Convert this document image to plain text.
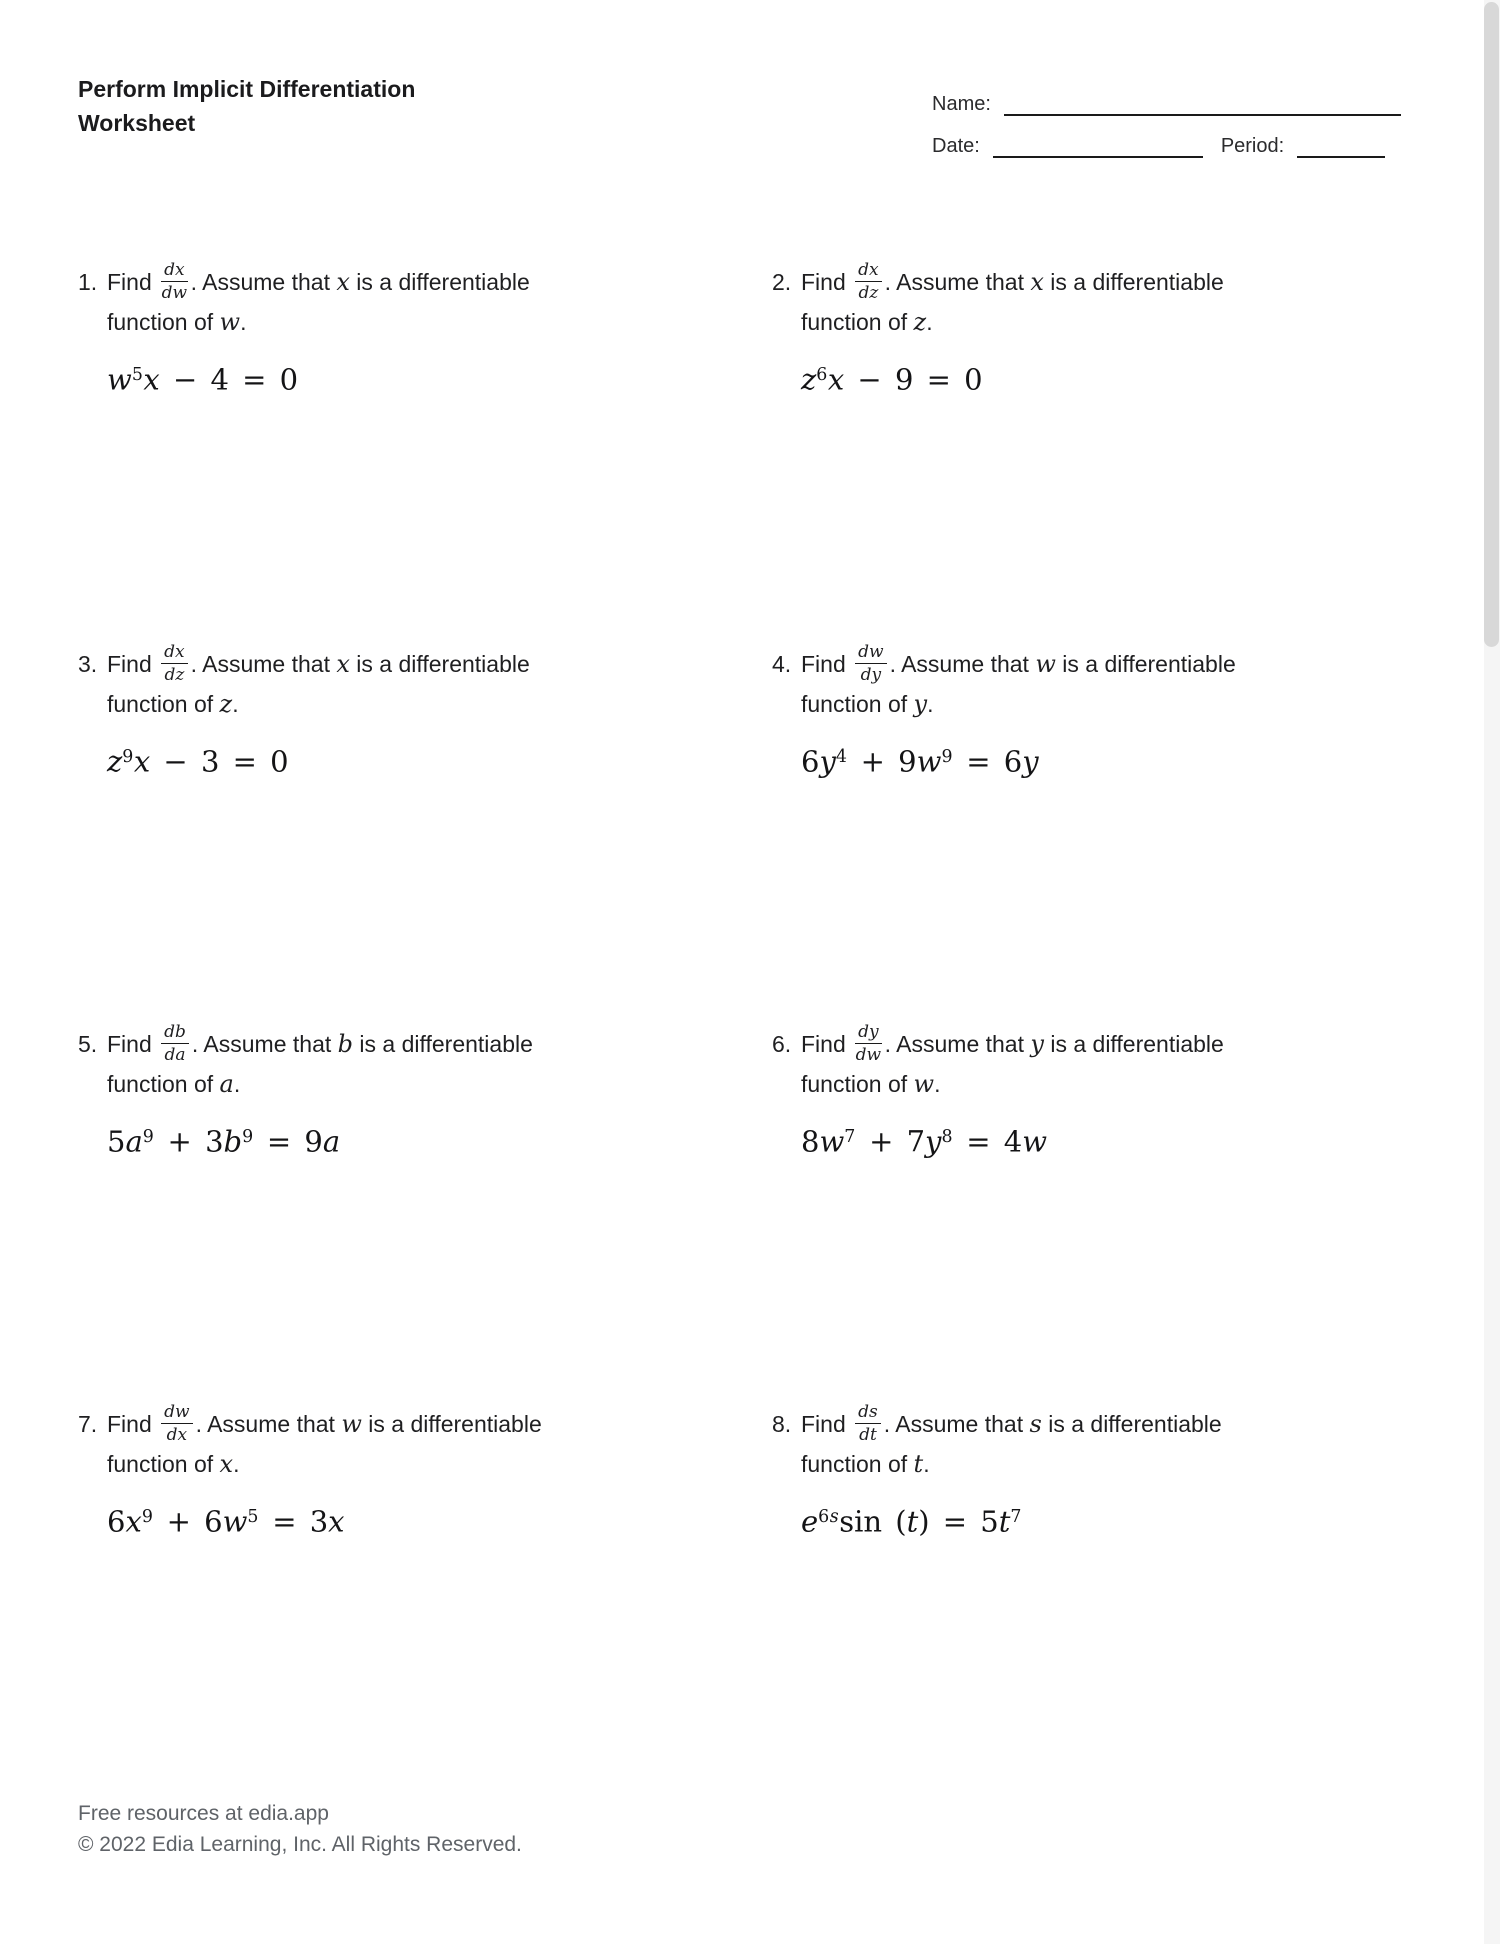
Perform Implicit Differentiation
Worksheet
Name:
Date:	Period:
1. Find $\frac{dx}{dw}$ . Assume that x is a differentiable
function of w.
$w^5x - 4 = 0$
2. Find $\frac{dx}{dz}$ . Assume that x is a differentiable
function of z.
$z^6x - 9 = 0$
3. Find $\frac{dx}{dz}$ . Assume that x is a differentiable
function of z.
$z^9x - 3 = 0$
4. Find $\frac{dw}{dy}$ . Assume that w is a differentiable
function of y.
$6y^4 + 9w^9 = 6y$
5. Find $\frac{db}{da}$ . Assume that b is a differentiable
function of a.
$5a^9 + 3b^9 = 9a$
6. Find $\frac{dy}{dw}$ . Assume that y is a differentiable
function of w.
$8w^7 + 7y^8 = 4w$
7. Find $\frac{dw}{dx}$ . Assume that w is a differentiable
function of x.
$6x^9 + 6w^5 = 3x$
8. Find $\frac{ds}{dt}$ . Assume that s is a differentiable
function of t.
$e^{6s}\sin$ $(t) = 5t^7$
Free resources at edia.app
© 2022 Edia Learning, Inc. All Rights Reserved.
